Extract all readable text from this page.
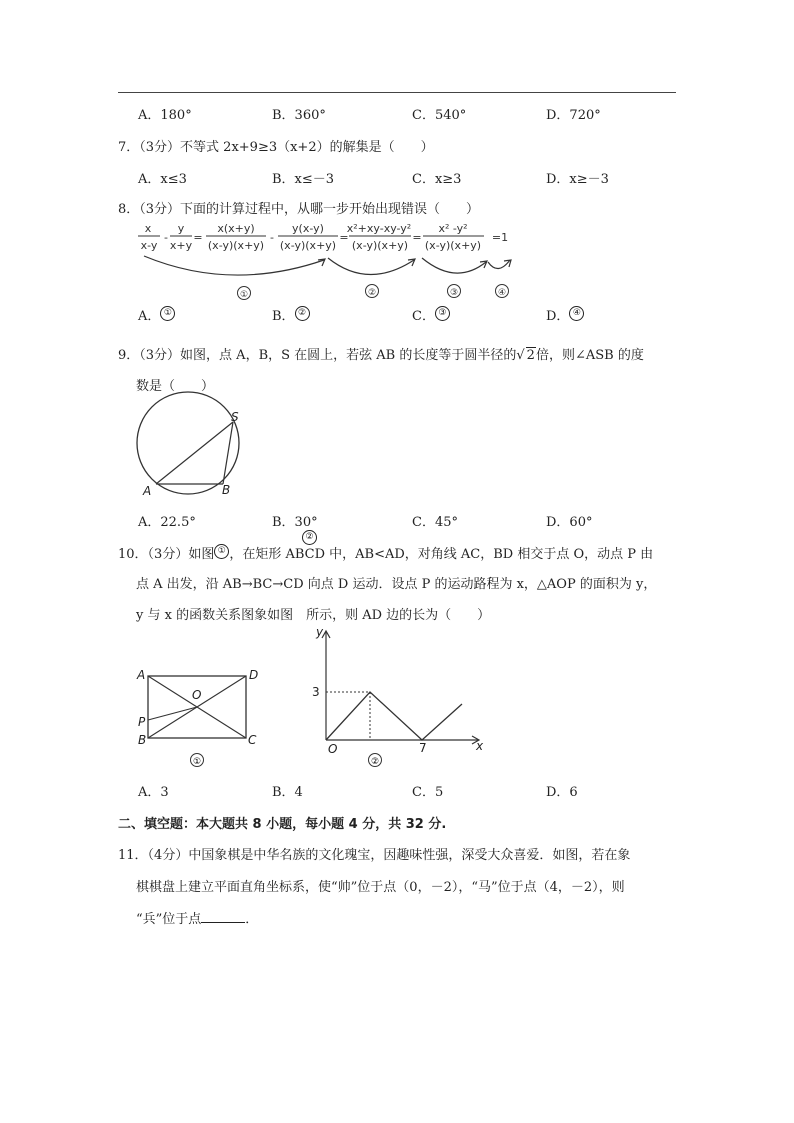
A．180°	B．360°	C．540°	D．720°
7．（3分）不等式 2x+9≥3（x+2）的解集是（　　）
A．x≤3	B．x≤－3	C．x≥3	D．x≥－3
8．（3分）下面的计算过程中，从哪一步开始出现错误（　　）
x
x-y
-
y
x+y
=
x(x+y)
(x-y)(x+y)
-
y(x-y)
(x-y)(x+y)
=
x²+xy-xy-y²
(x-y)(x+y)
=
x² -y²
(x-y)(x+y)
=1
①	②	③	④
A． ①	B． ②	C． ③	D． ④
9．（3分）如图，点 A，B，S 在圆上，若弦 AB 的长度等于圆半径的√ 2倍，则∠ASB 的度
数是（　　）
S
A	B
A．22.5°	B．30°	C．45°	D．60°
10．（3分）如图 ① ，在矩形 ABCD 中，AB<AD，对角线 AC，BD 相交于点 O，动点 P 由
②
点 A 出发，沿 AB→BC→CD 向点 D 运动．设点 P 的运动路程为 x，△AOP 的面积为 y，
y 与 x 的函数关系图象如图　所示，则 AD 边的长为（　　）
A	D
O
P
B	C
①
y
x
O
3
7
②
A．3	B．4	C．5	D．6
二、填空题：本大题共 8 小题，每小题 4 分，共 32 分.
11．（4分）中国象棋是中华名族的文化瑰宝，因趣味性强，深受大众喜爱．如图，若在象
棋棋盘上建立平面直角坐标系，使“帅”位于点（0，－2），“马”位于点（4，－2），则
“兵”位于点	．
